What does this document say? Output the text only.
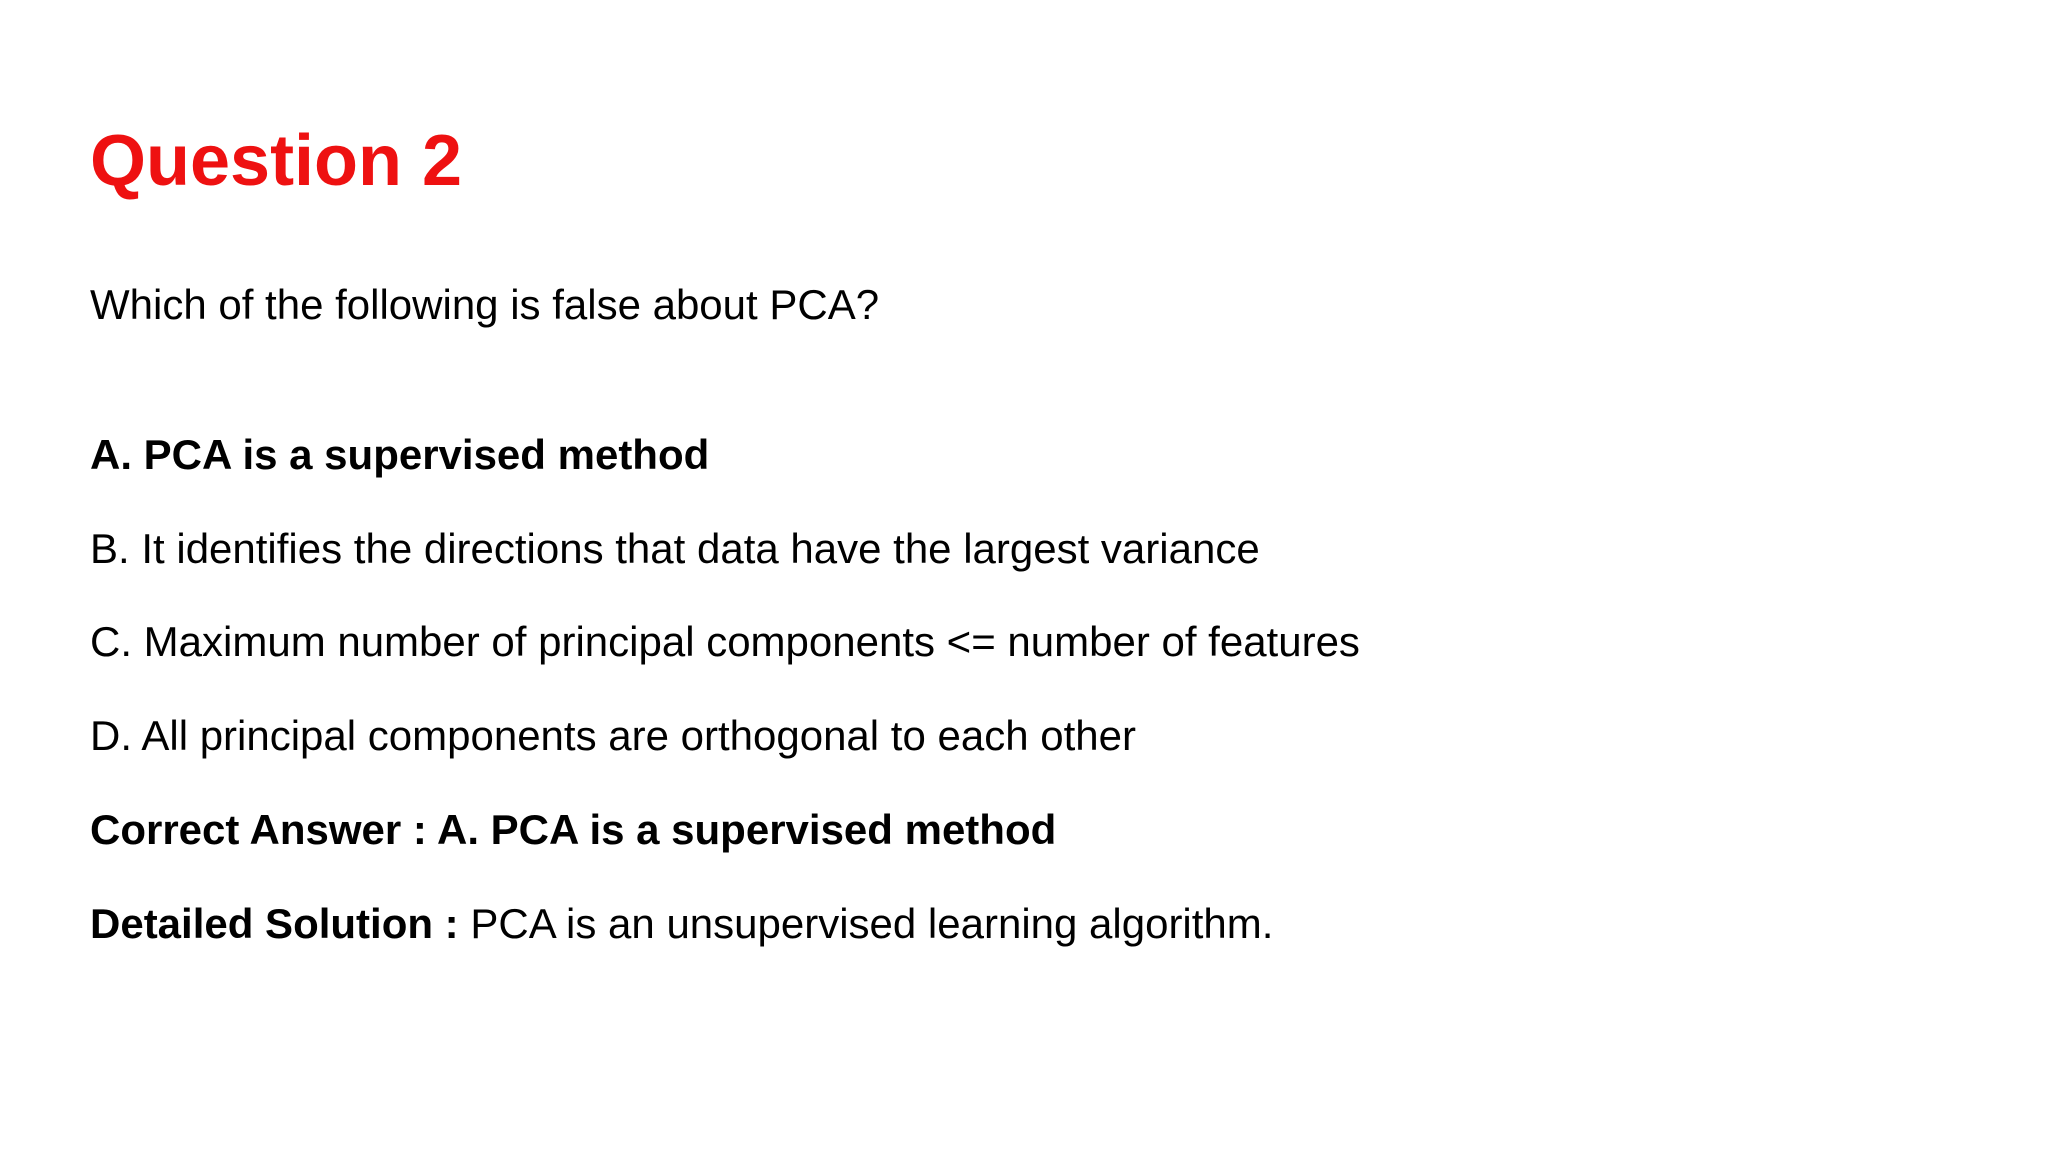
Question 2

Which of the following is false about PCA?

A. PCA is a supervised method

B. It identifies the directions that data have the largest variance

C. Maximum number of principal components <= number of features

D. All principal components are orthogonal to each other

Correct Answer : A. PCA is a supervised method

Detailed Solution : PCA is an unsupervised learning algorithm.
